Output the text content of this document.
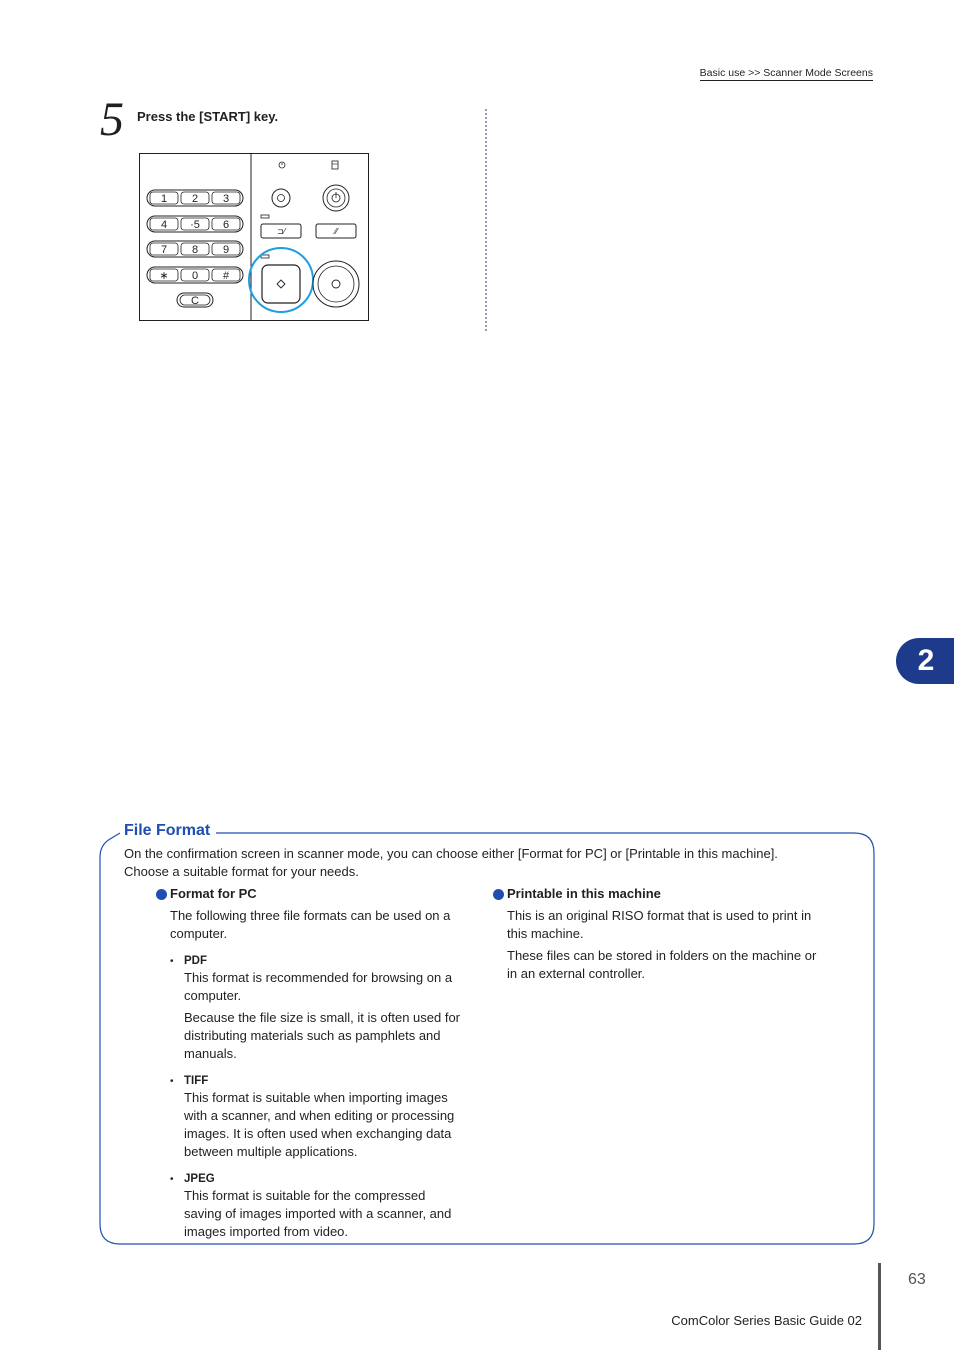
Basic use >> Scanner Mode Screens
5 Press the [START] key.
1 2 3
4 ·5 6
7 8 9
∗ 0 #
C
⊐⁄	⁄⁄
2
File Format
On the confirmation screen in scanner mode, you can choose either [Format for PC] or [Printable in this machine]. Choose a suitable format for your needs.
Format for PC

The following three file formats can be used on a computer.

• PDF

This format is recommended for browsing on a computer.

Because the file size is small, it is often used for distributing materials such as pamphlets and manuals.

• TIFF

This format is suitable when importing images with a scanner, and when editing or processing images. It is often used when exchanging data between multiple applications.

• JPEG

This format is suitable for the compressed saving of images imported with a scanner, and images imported from video.

Printable in this machine

This is an original RISO format that is used to print in this machine.

These files can be stored in folders on the machine or in an external controller.

63
ComColor Series Basic Guide 02
